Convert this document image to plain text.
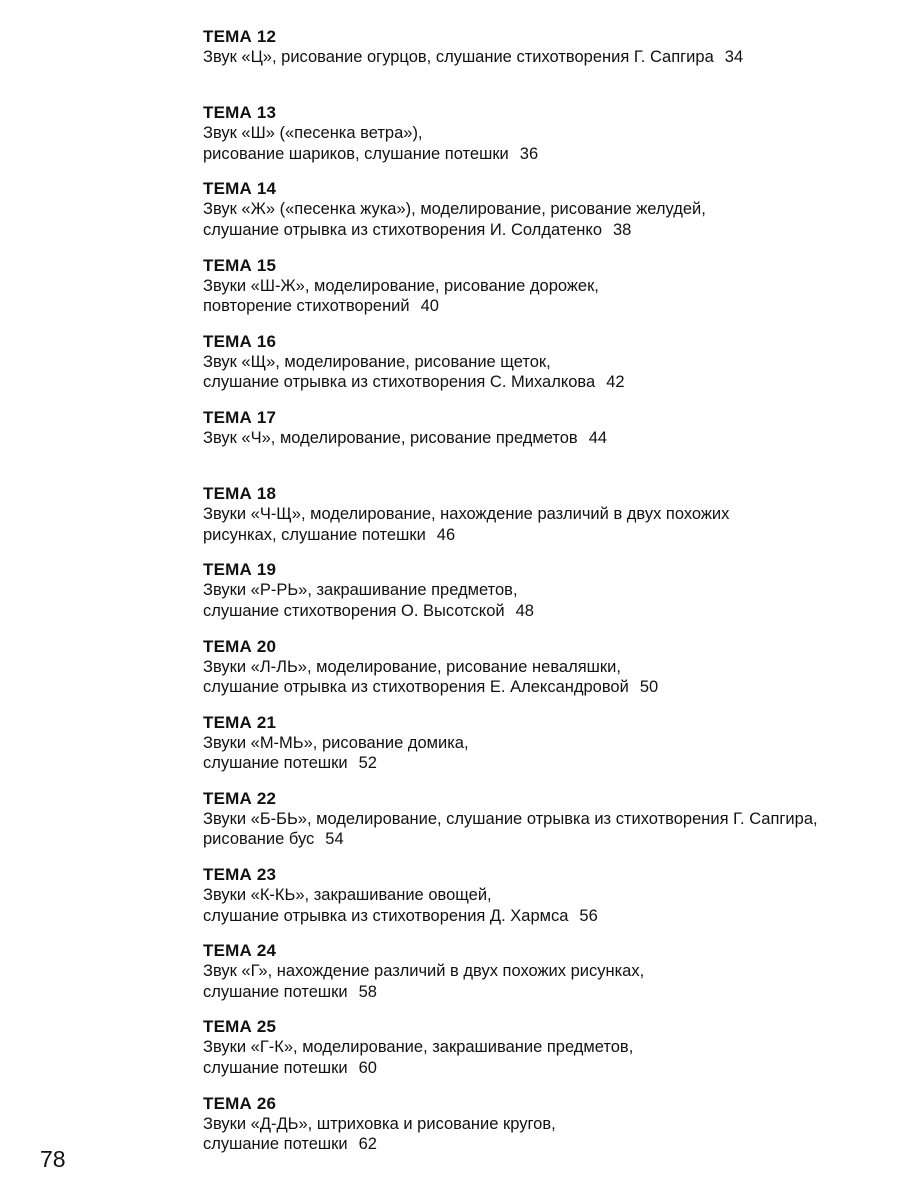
ТЕМА 12
Звук «Ц», рисование огурцов, слушание стихотворения Г. Сапгира 34
ТЕМА 13
Звук «Ш» («песенка ветра»),
рисование шариков, слушание потешки 36
ТЕМА 14
Звук «Ж» («песенка жука»), моделирование, рисование желудей,
слушание отрывка из стихотворения И. Солдатенко 38
ТЕМА 15
Звуки «Ш-Ж», моделирование, рисование дорожек,
повторение стихотворений 40
ТЕМА 16
Звук «Щ», моделирование, рисование щеток,
слушание отрывка из стихотворения С. Михалкова 42
ТЕМА 17
Звук «Ч», моделирование, рисование предметов 44
ТЕМА 18
Звуки «Ч-Щ», моделирование, нахождение различий в двух похожих
рисунках, слушание потешки 46
ТЕМА 19
Звуки «Р-РЬ», закрашивание предметов,
слушание стихотворения О. Высотской 48
ТЕМА 20
Звуки «Л-ЛЬ», моделирование, рисование неваляшки,
слушание отрывка из стихотворения Е. Александровой 50
ТЕМА 21
Звуки «М-МЬ», рисование домика,
слушание потешки 52
ТЕМА 22
Звуки «Б-БЬ», моделирование, слушание отрывка из стихотворения Г. Сапгира,
рисование бус 54
ТЕМА 23
Звуки «К-КЬ», закрашивание овощей,
слушание отрывка из стихотворения Д. Хармса 56
ТЕМА 24
Звук «Г», нахождение различий в двух похожих рисунках,
слушание потешки 58
ТЕМА 25
Звуки «Г-К», моделирование, закрашивание предметов,
слушание потешки 60
ТЕМА 26
Звуки «Д-ДЬ», штриховка и рисование кругов,
слушание потешки 62
78
